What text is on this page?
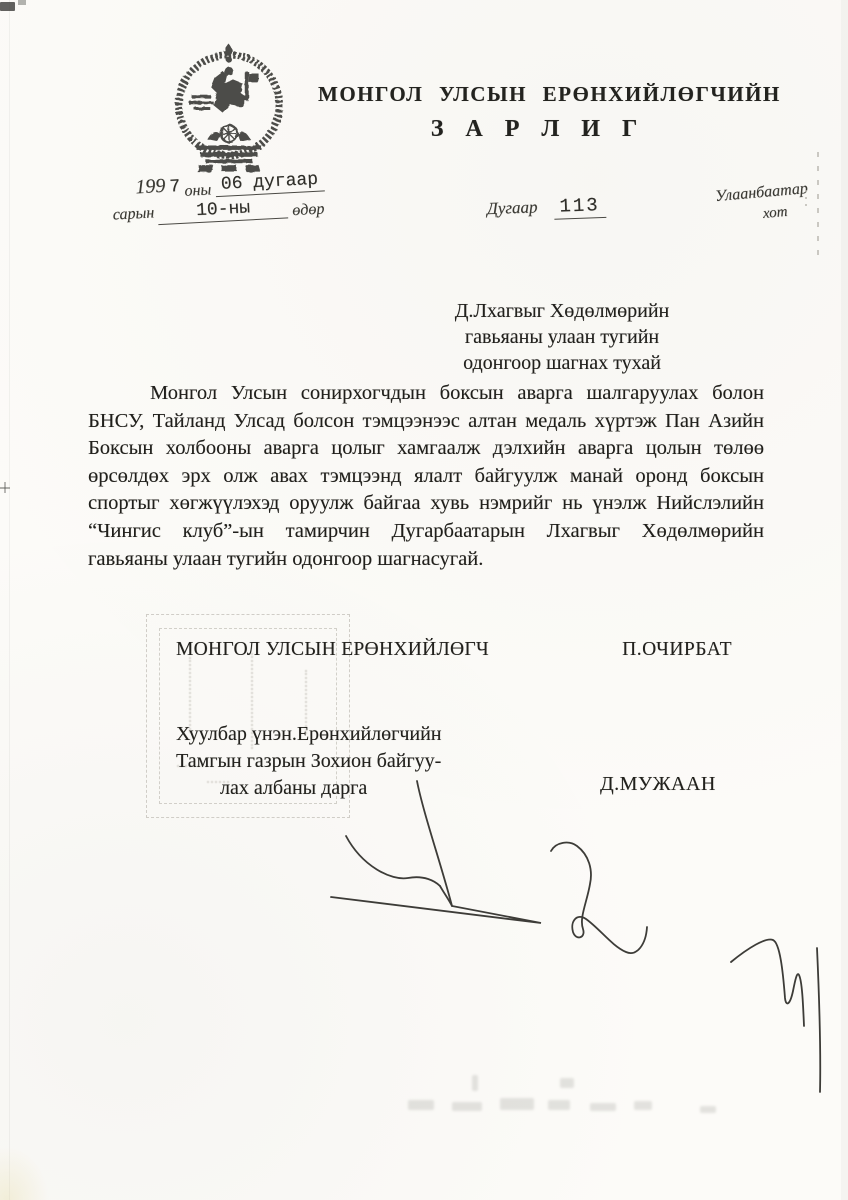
МОНГОЛ УЛСЫН ЕРӨНХИЙЛӨГЧИЙН
З А Р Л И Г
199 7 оны 06 дугаар
сарын 10-ны	өдөр	Дугаар 113
Улаанбаатар
хот
Д.Лхагвыг Хөдөлмөрийн
гавьяаны улаан тугийн
одонгоор шагнах тухай

Монгол Улсын сонирхогчдын боксын аварга шалгаруулах болон БНСУ, Тайланд Улсад болсон тэмцээнээс алтан медаль хүртэж Пан Азийн Боксын холбооны аварга цолыг хамгаалж дэлхийн аварга цолын төлөө өрсөлдөх эрх олж авах тэмцээнд ялалт байгуулж манай оронд боксын спортыг хөгжүүлэхэд оруулж байгаа хувь нэмрийг нь үнэлж Нийслэлийн “Чингис клуб”-ын тамирчин Дугарбаатарын Лхагвыг Хөдөлмөрийн гавьяаны улаан тугийн одонгоор шагнасугай.

МОНГОЛ УЛСЫН ЕРӨНХИЙЛӨГЧ	П.ОЧИРБАТ
Хуулбар үнэн.Ерөнхийлөгчийн
Тамгын газрын Зохион байгуу-
лах албаны дарга	Д.МУЖААН
